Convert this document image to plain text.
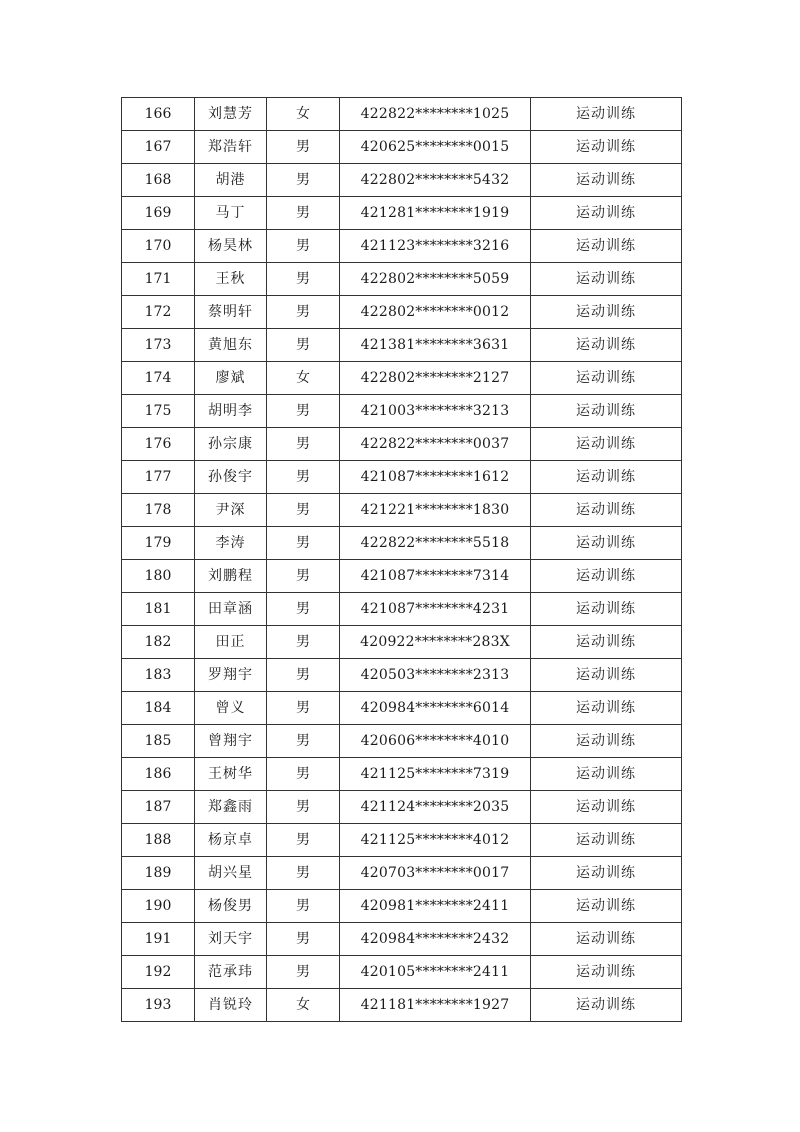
166	刘慧芳	女	422822********1025	运动训练
167	郑浩轩	男	420625********0015	运动训练
168	胡港	男	422802********5432	运动训练
169	马丁	男	421281********1919	运动训练
170	杨昊林	男	421123********3216	运动训练
171	王秋	男	422802********5059	运动训练
172	蔡明轩	男	422802********0012	运动训练
173	黄旭东	男	421381********3631	运动训练
174	廖斌	女	422802********2127	运动训练
175	胡明李	男	421003********3213	运动训练
176	孙宗康	男	422822********0037	运动训练
177	孙俊宇	男	421087********1612	运动训练
178	尹深	男	421221********1830	运动训练
179	李涛	男	422822********5518	运动训练
180	刘鹏程	男	421087********7314	运动训练
181	田章涵	男	421087********4231	运动训练
182	田正	男	420922********283X	运动训练
183	罗翔宇	男	420503********2313	运动训练
184	曾义	男	420984********6014	运动训练
185	曾翔宇	男	420606********4010	运动训练
186	王树华	男	421125********7319	运动训练
187	郑鑫雨	男	421124********2035	运动训练
188	杨京卓	男	421125********4012	运动训练
189	胡兴星	男	420703********0017	运动训练
190	杨俊男	男	420981********2411	运动训练
191	刘天宇	男	420984********2432	运动训练
192	范承玮	男	420105********2411	运动训练
193	肖锐玲	女	421181********1927	运动训练
